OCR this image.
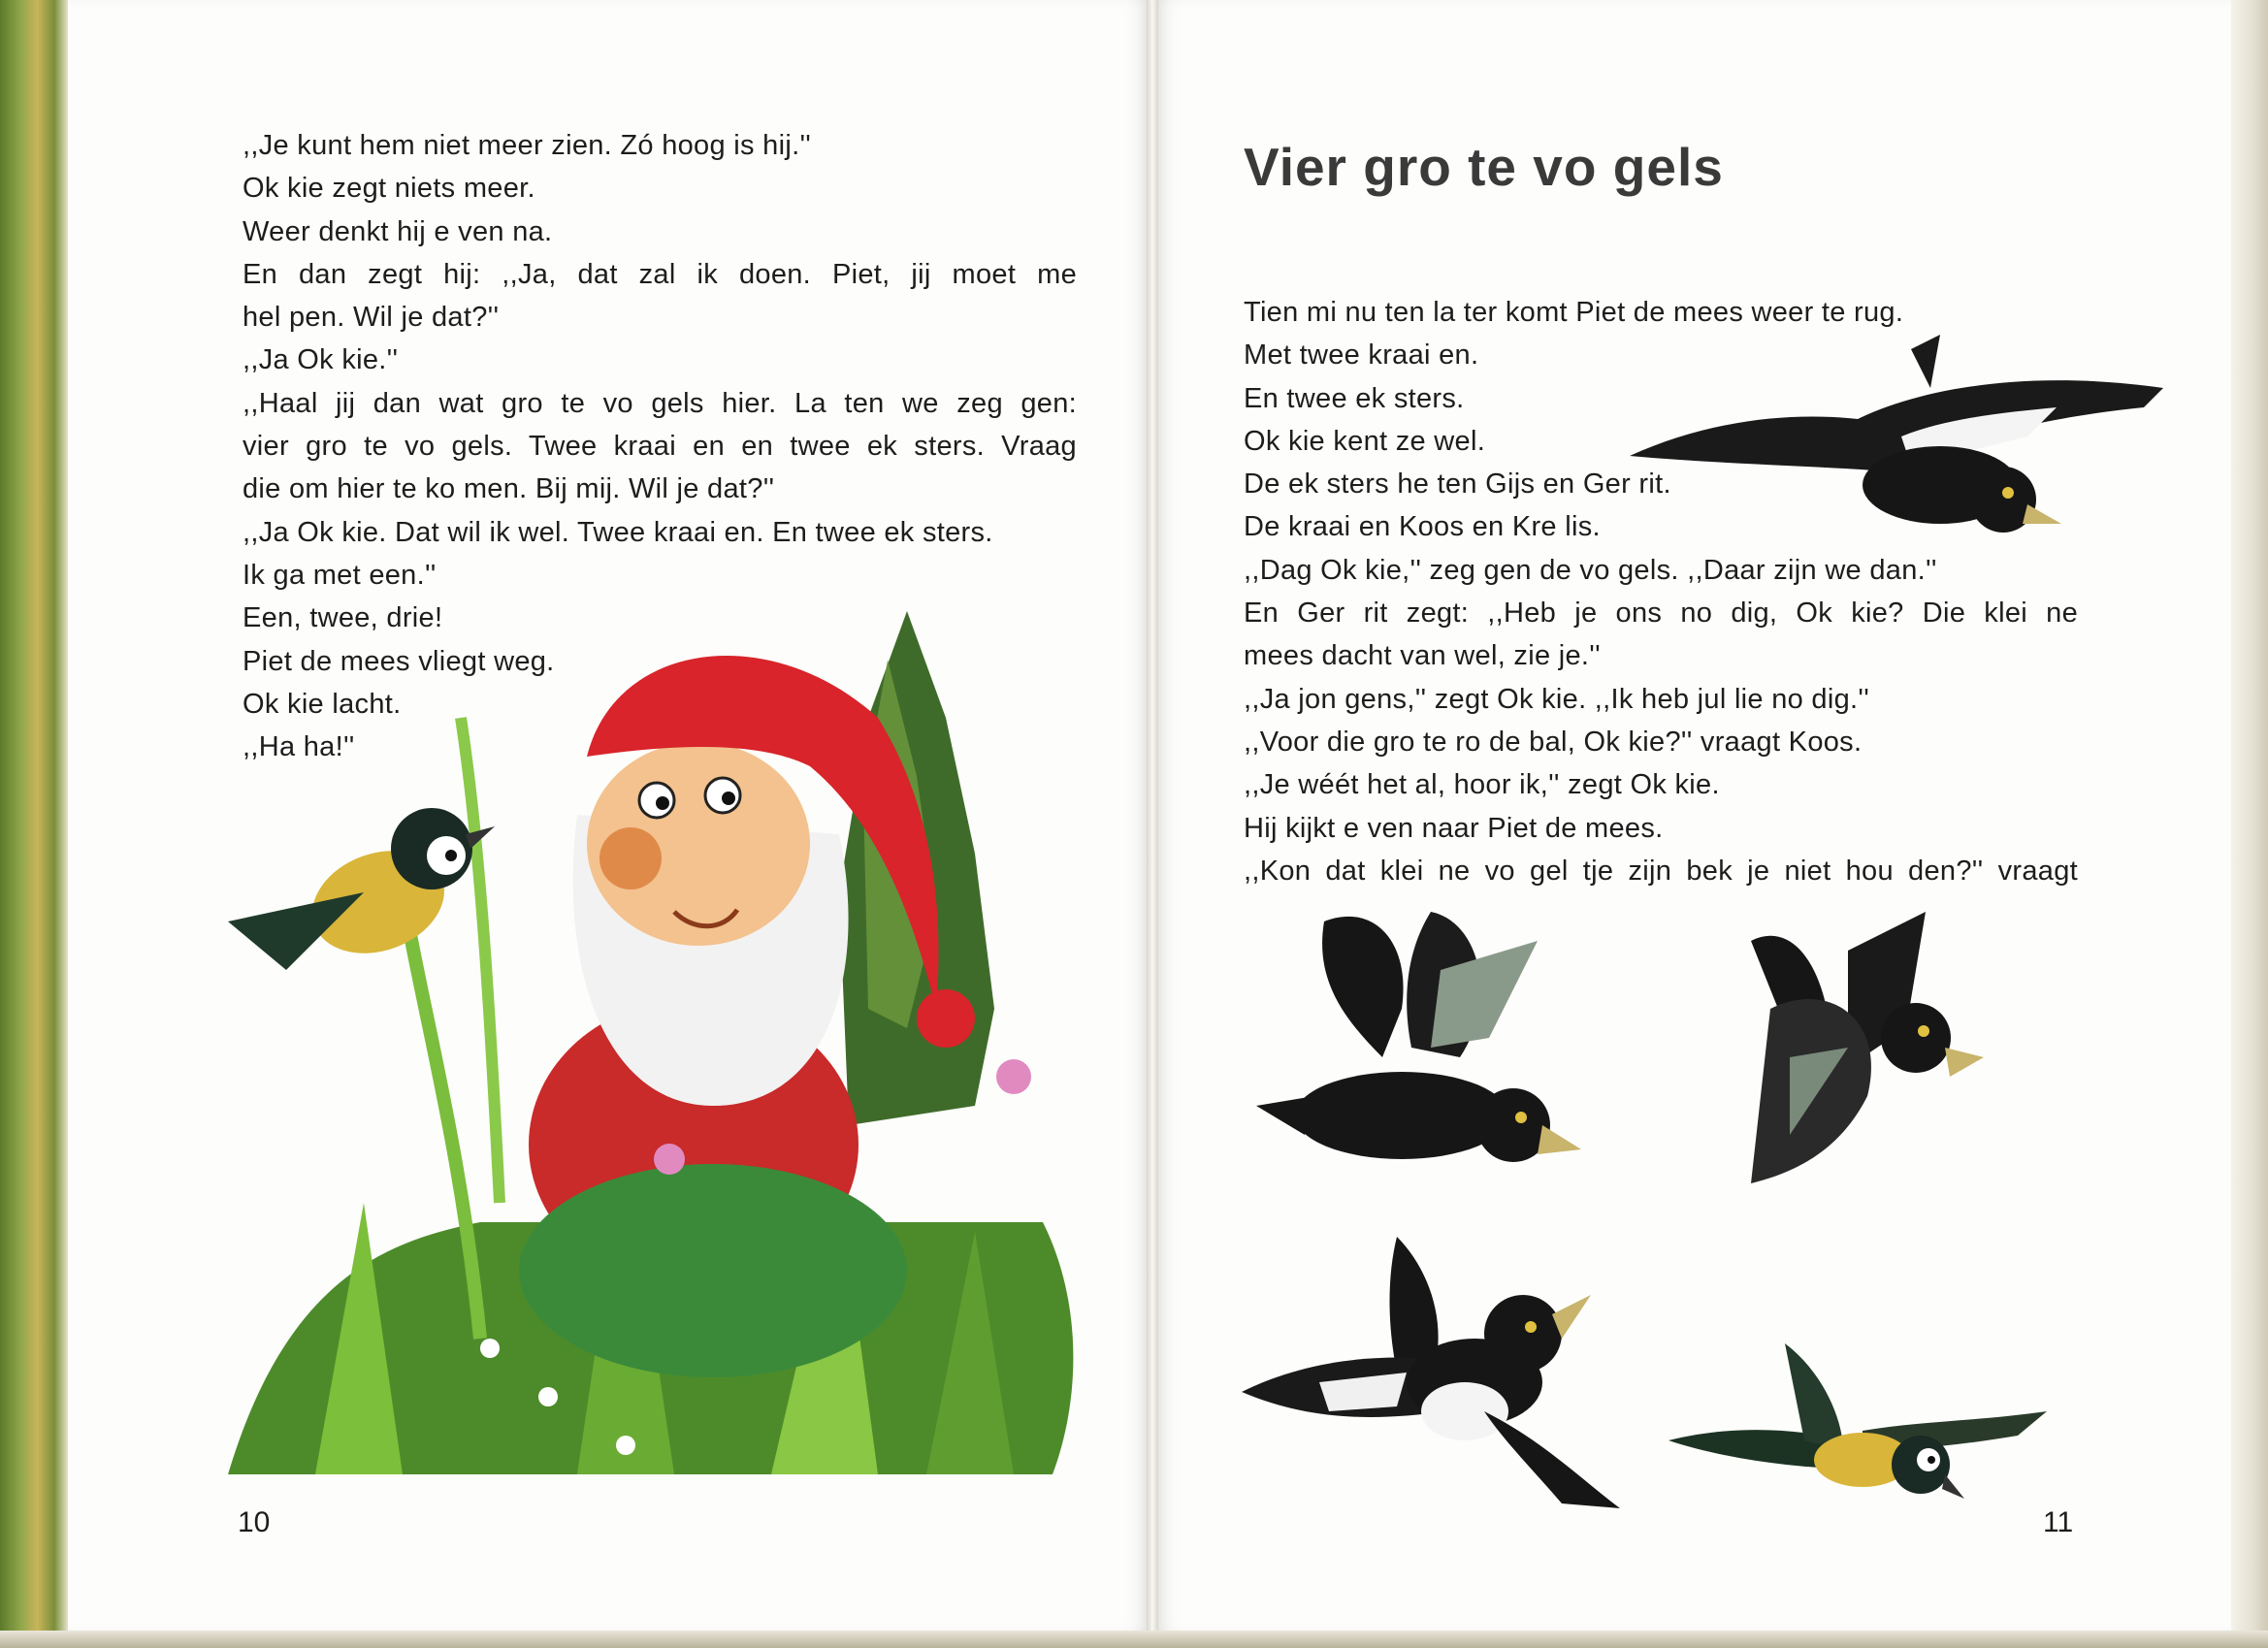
,,Je kunt hem niet meer zien. Zó hoog is hij.''
Ok kie zegt niets meer.
Weer denkt hij e ven na.
En dan zegt hij: ,,Ja, dat zal ik doen. Piet, jij moet me
hel pen. Wil je dat?''
,,Ja Ok kie.''
,,Haal jij dan wat gro te vo gels hier. La ten we zeg gen:
vier gro te vo gels. Twee kraai en en twee ek sters. Vraag
die om hier te ko men. Bij mij. Wil je dat?''
,,Ja Ok kie. Dat wil ik wel. Twee kraai en. En twee ek sters.
Ik ga met een.''
Een, twee, drie!
Piet de mees vliegt weg.
Ok kie lacht.
,,Ha ha!''
10
Vier gro te vo gels
Tien mi nu ten la ter komt Piet de mees weer te rug.
Met twee kraai en.
En twee ek sters.
Ok kie kent ze wel.
De ek sters he ten Gijs en Ger rit.
De kraai en Koos en Kre lis.
,,Dag Ok kie,'' zeg gen de vo gels. ,,Daar zijn we dan.''
En Ger rit zegt: ,,Heb je ons no dig, Ok kie? Die klei ne
mees dacht van wel, zie je.''
,,Ja jon gens,'' zegt Ok kie. ,,Ik heb jul lie no dig.''
,,Voor die gro te ro de bal, Ok kie?'' vraagt Koos.
,,Je wéét het al, hoor ik,'' zegt Ok kie.
Hij kijkt e ven naar Piet de mees.
,,Kon dat klei ne vo gel tje zijn bek je niet hou den?'' vraagt
11
